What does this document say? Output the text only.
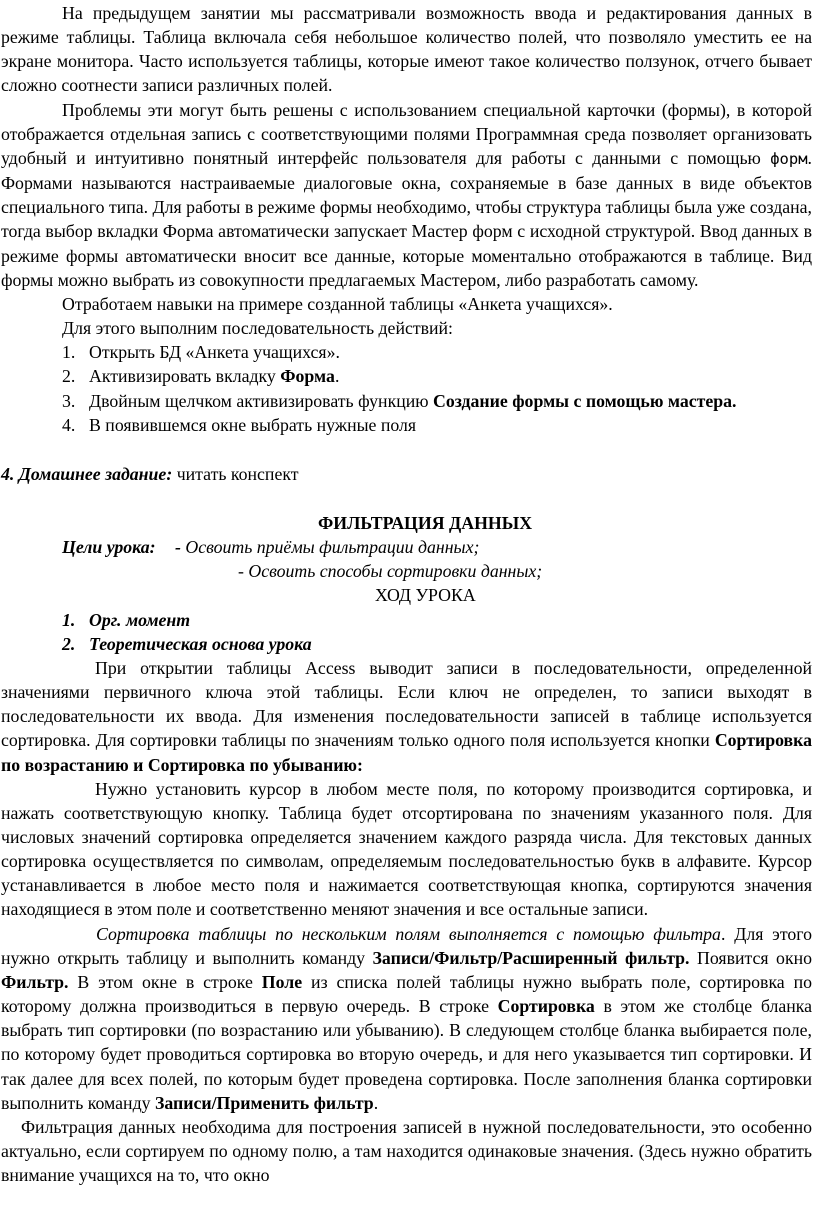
На предыдущем занятии мы рассматривали возможность ввода и редактирования данных в режиме таблицы. Таблица включала себя небольшое количество полей, что позволяло уместить ее на экране монитора. Часто используется таблицы, которые имеют такое количество ползунок, отчего бывает сложно соотнести записи различных полей.

Проблемы эти могут быть решены с использованием специальной карточки (формы), в которой отображается отдельная запись с соответствующими полями Программная среда позволяет организовать удобный и интуитивно понятный интерфейс пользователя для работы с данными с помощью форм. Формами называются настраиваемые диалоговые окна, сохраняемые в базе данных в виде объектов специального типа. Для работы в режиме формы необходимо, чтобы структура таблицы была уже создана, тогда выбор вкладки Форма автоматически запускает Мастер форм с исходной структурой. Ввод данных в режиме формы автоматически вносит все данные, которые моментально отображаются в таблице. Вид формы можно выбрать из совокупности предлагаемых Мастером, либо разработать самому.

Отработаем навыки на примере созданной таблицы «Анкета учащихся».

Для этого выполним последовательность действий:

1. Открыть БД «Анкета учащихся».
2. Активизировать вкладку Форма.
3. Двойным щелчком активизировать функцию Создание формы с помощью мастера.
4. В появившемся окне выбрать нужные поля

4. Домашнее задание: читать конспект

ФИЛЬТРАЦИЯ ДАННЫХ

Цели урока: - Освоить приёмы фильтрации данных;
- Освоить способы сортировки данных;

ХОД УРОКА

1. Орг. момент
2. Теоретическая основа урока

При открытии таблицы Access выводит записи в последовательности, определенной значениями первичного ключа этой таблицы. Если ключ не определен, то записи выходят в последовательности их ввода. Для изменения последовательности записей в таблице используется сортировка. Для сортировки таблицы по значениям только одного поля используется кнопки Сортировка по возрастанию и Сортировка по убыванию:

Нужно установить курсор в любом месте поля, по которому производится сортировка, и нажать соответствующую кнопку. Таблица будет отсортирована по значениям указанного поля. Для числовых значений сортировка определяется значением каждого разряда числа. Для текстовых данных сортировка осуществляется по символам, определяемым последовательностью букв в алфавите. Курсор устанавливается в любое место поля и нажимается соответствующая кнопка, сортируются значения находящиеся в этом поле и соответственно меняют значения и все остальные записи.

Сортировка таблицы по нескольким полям выполняется с помощью фильтра. Для этого нужно открыть таблицу и выполнить команду Записи/Фильтр/Расширенный фильтр. Появится окно Фильтр. В этом окне в строке Поле из списка полей таблицы нужно выбрать поле, сортировка по которому должна производиться в первую очередь. В строке Сортировка в этом же столбце бланка выбрать тип сортировки (по возрастанию или убыванию). В следующем столбце бланка выбирается поле, по которому будет проводиться сортировка во вторую очередь, и для него указывается тип сортировки. И так далее для всех полей, по которым будет проведена сортировка. После заполнения бланка сортировки выполнить команду Записи/Применить фильтр.

Фильтрация данных необходима для построения записей в нужной последовательности, это особенно актуально, если сортируем по одному полю, а там находится одинаковые значения. (Здесь нужно обратить внимание учащихся на то, что окно
